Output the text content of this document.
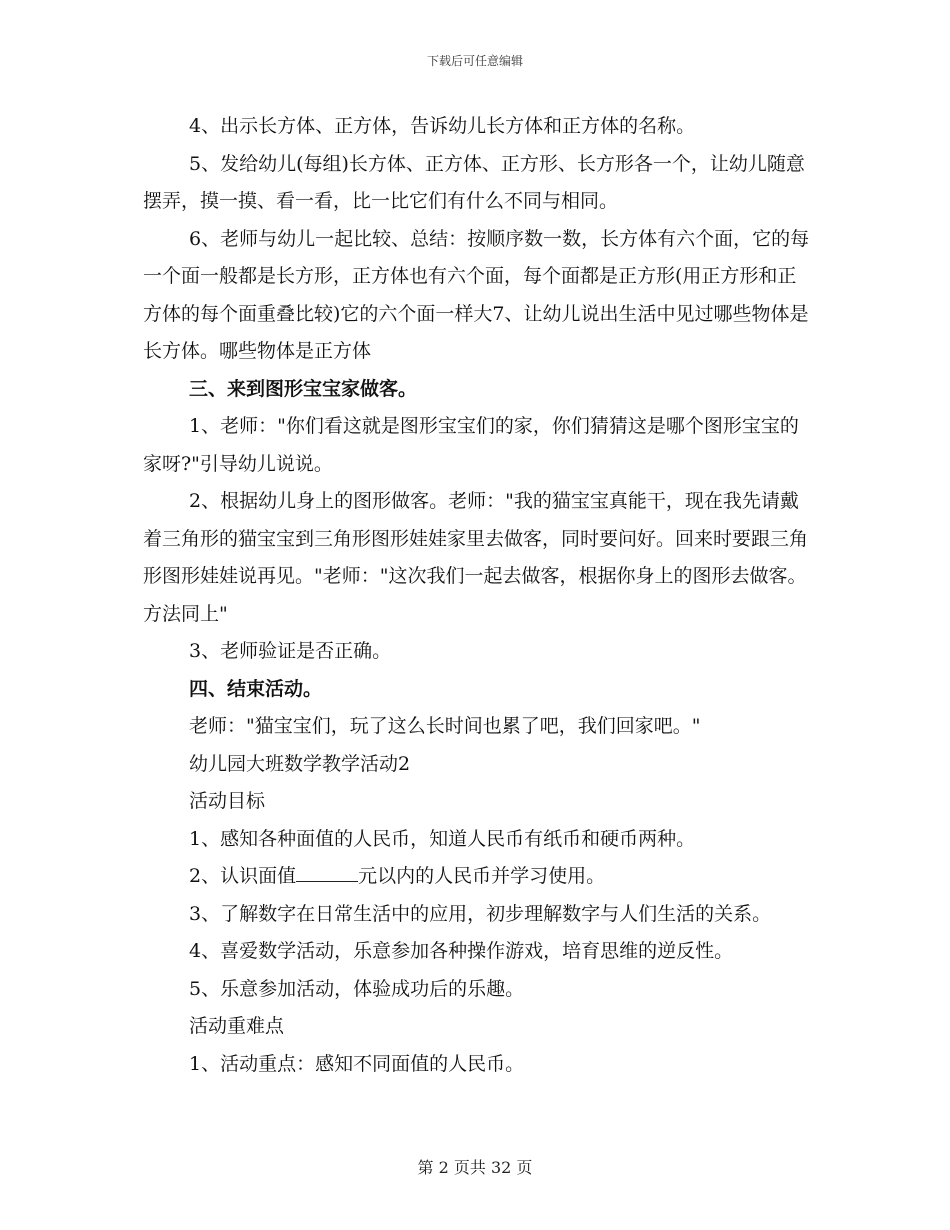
下载后可任意编辑

4、出示长方体、正方体，告诉幼儿长方体和正方体的名称。

5、发给幼儿(每组)长方体、正方体、正方形、长方形各一个，让幼儿随意摆弄，摸一摸、看一看，比一比它们有什么不同与相同。

6、老师与幼儿一起比较、总结：按顺序数一数，长方体有六个面，它的每一个面一般都是长方形，正方体也有六个面，每个面都是正方形(用正方形和正方体的每个面重叠比较)它的六个面一样大7、让幼儿说出生活中见过哪些物体是长方体。哪些物体是正方体

三、来到图形宝宝家做客。

1、老师："你们看这就是图形宝宝们的家，你们猜猜这是哪个图形宝宝的家呀?"引导幼儿说说。

2、根据幼儿身上的图形做客。老师："我的猫宝宝真能干，现在我先请戴着三角形的猫宝宝到三角形图形娃娃家里去做客，同时要问好。回来时要跟三角形图形娃娃说再见。"老师："这次我们一起去做客，根据你身上的图形去做客。方法同上"

3、老师验证是否正确。

四、结束活动。

老师："猫宝宝们，玩了这么长时间也累了吧，我们回家吧。"

幼儿园大班数学教学活动2

活动目标

1、感知各种面值的人民币，知道人民币有纸币和硬币两种。

2、认识面值	元以内的人民币并学习使用。

3、了解数字在日常生活中的应用，初步理解数字与人们生活的关系。

4、喜爱数学活动，乐意参加各种操作游戏，培育思维的逆反性。

5、乐意参加活动，体验成功后的乐趣。

活动重难点

1、活动重点：感知不同面值的人民币。

第 2 页共 32 页
